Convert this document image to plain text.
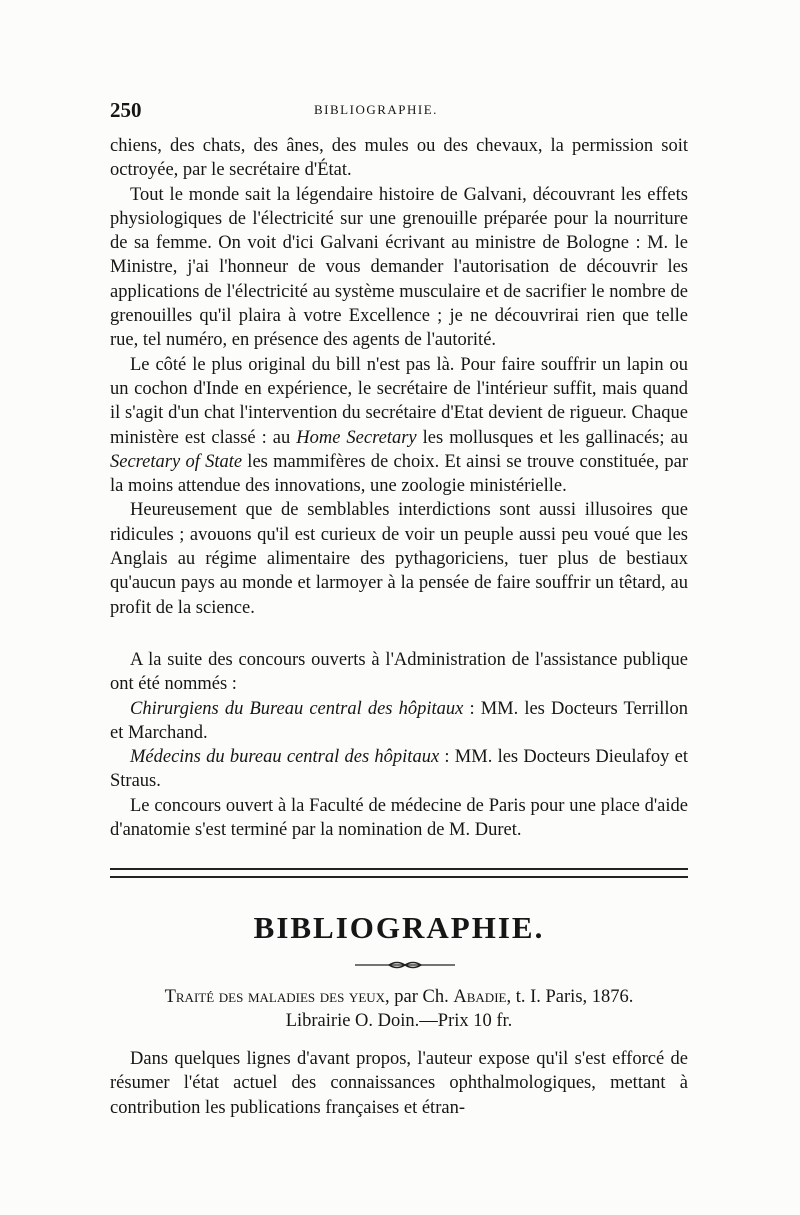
250	BIBLIOGRAPHIE.

chiens, des chats, des ânes, des mules ou des chevaux, la permission soit octroyée, par le secrétaire d'État.

Tout le monde sait la légendaire histoire de Galvani, découvrant les effets physiologiques de l'électricité sur une grenouille préparée pour la nourriture de sa femme. On voit d'ici Galvani écrivant au ministre de Bologne : M. le Ministre, j'ai l'honneur de vous demander l'autorisation de découvrir les applications de l'électricité au système musculaire et de sacrifier le nombre de grenouilles qu'il plaira à votre Excellence ; je ne découvrirai rien que telle rue, tel numéro, en présence des agents de l'autorité.

Le côté le plus original du bill n'est pas là. Pour faire souffrir un lapin ou un cochon d'Inde en expérience, le secrétaire de l'intérieur suffit, mais quand il s'agit d'un chat l'intervention du secrétaire d'Etat devient de rigueur. Chaque ministère est classé : au Home Secretary les mollusques et les gallinacés; au Secretary of State les mammifères de choix. Et ainsi se trouve constituée, par la moins attendue des innovations, une zoologie ministérielle.

Heureusement que de semblables interdictions sont aussi illusoires que ridicules ; avouons qu'il est curieux de voir un peuple aussi peu voué que les Anglais au régime alimentaire des pythagoriciens, tuer plus de bestiaux qu'aucun pays au monde et larmoyer à la pensée de faire souffrir un têtard, au profit de la science.

A la suite des concours ouverts à l'Administration de l'assistance publique ont été nommés :

Chirurgiens du Bureau central des hôpitaux : MM. les Docteurs Terrillon et Marchand.

Médecins du bureau central des hôpitaux : MM. les Docteurs Dieulafoy et Straus.

Le concours ouvert à la Faculté de médecine de Paris pour une place d'aide d'anatomie s'est terminé par la nomination de M. Duret.

BIBLIOGRAPHIE.
Traité des maladies des yeux, par Ch. Abadie, t. I. Paris, 1876.
Librairie O. Doin.—Prix 10 fr.

Dans quelques lignes d'avant propos, l'auteur expose qu'il s'est efforcé de résumer l'état actuel des connaissances ophthalmologiques, mettant à contribution les publications françaises et étran-
